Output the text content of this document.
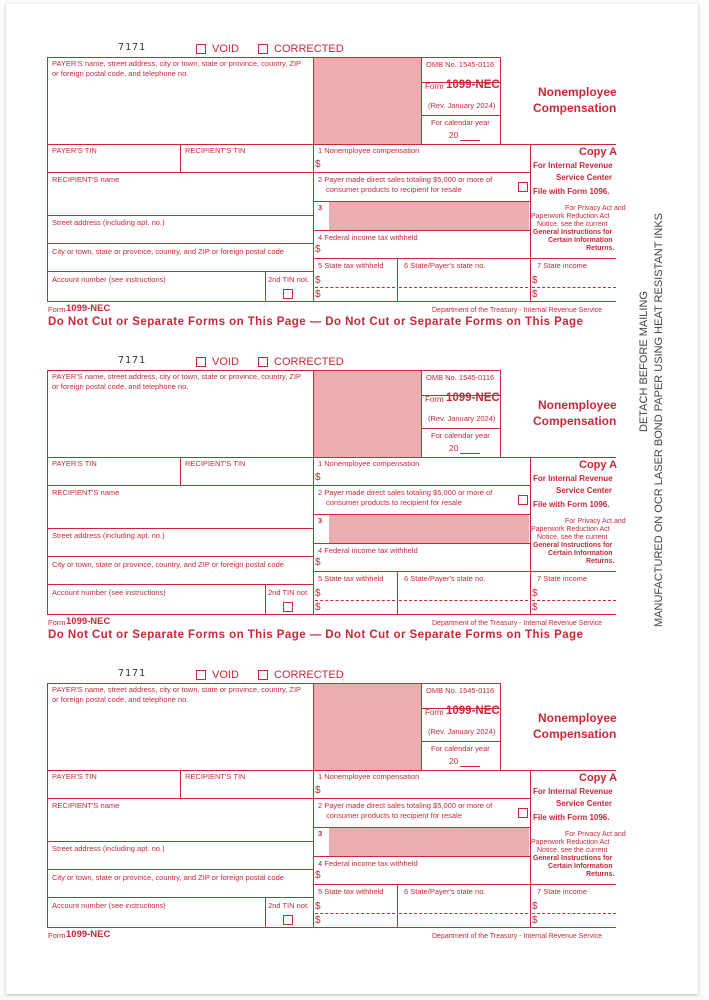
7171	VOID	CORRECTED
PAYER'S name, street address, city or town, state or province, country, ZIP
or foreign postal code, and telephone no.
OMB No. 1545-0116
Form 1099-NEC
(Rev. January 2024)
For calendar year
20
Nonemployee
Compensation
PAYER'S TIN	RECIPIENT'S TIN	1 Nonemployee compensation
$
Copy A
For Internal Revenue
Service Center
File with Form 1096.
RECIPIENT'S name	2 Payer made direct sales totaling $5,000 or more of
consumer products to recipient for resale
3	For Privacy Act and
Paperwork Reduction Act
Notice, see the current
General Instructions for
Certain Information
Returns.
Street address (including apt. no.)
4 Federal income tax withheld
$
City or town, state or province, country, and ZIP or foreign postal code
5 State tax withheld	6 State/Payer's state no.	7 State income
$	$
$	$
Account number (see instructions)	2nd TIN not.
Form 1099-NEC	Department of the Treasury - Internal Revenue Service
Do Not Cut or Separate Forms on This Page — Do Not Cut or Separate Forms on This Page
7171	VOID	CORRECTED
PAYER'S name, street address, city or town, state or province, country, ZIP
or foreign postal code, and telephone no.
OMB No. 1545-0116
Form 1099-NEC
(Rev. January 2024)
For calendar year
20
Nonemployee
Compensation
PAYER'S TIN	RECIPIENT'S TIN	1 Nonemployee compensation
$
Copy A
For Internal Revenue
Service Center
File with Form 1096.
RECIPIENT'S name	2 Payer made direct sales totaling $5,000 or more of
consumer products to recipient for resale
3	For Privacy Act and
Paperwork Reduction Act
Notice, see the current
General Instructions for
Certain Information
Returns.
Street address (including apt. no.)
4 Federal income tax withheld
$
City or town, state or province, country, and ZIP or foreign postal code
5 State tax withheld	6 State/Payer's state no.	7 State income
$	$
$	$
Account number (see instructions)	2nd TIN not.
Form 1099-NEC	Department of the Treasury - Internal Revenue Service
Do Not Cut or Separate Forms on This Page — Do Not Cut or Separate Forms on This Page
7171	VOID	CORRECTED
PAYER'S name, street address, city or town, state or province, country, ZIP
or foreign postal code, and telephone no.
OMB No. 1545-0116
Form 1099-NEC
(Rev. January 2024)
For calendar year
20
Nonemployee
Compensation
PAYER'S TIN	RECIPIENT'S TIN	1 Nonemployee compensation
$
Copy A
For Internal Revenue
Service Center
File with Form 1096.
RECIPIENT'S name	2 Payer made direct sales totaling $5,000 or more of
consumer products to recipient for resale
3	For Privacy Act and
Paperwork Reduction Act
Notice, see the current
General Instructions for
Certain Information
Returns.
Street address (including apt. no.)
4 Federal income tax withheld
$
City or town, state or province, country, and ZIP or foreign postal code
5 State tax withheld	6 State/Payer's state no.	7 State income
$	$
$	$
Account number (see instructions)	2nd TIN not.
Form 1099-NEC	Department of the Treasury - Internal Revenue Service
DETACH BEFORE MAILING MANUFACTURED ON OCR LASER BOND PAPER USING HEAT RESISTANT INKS
